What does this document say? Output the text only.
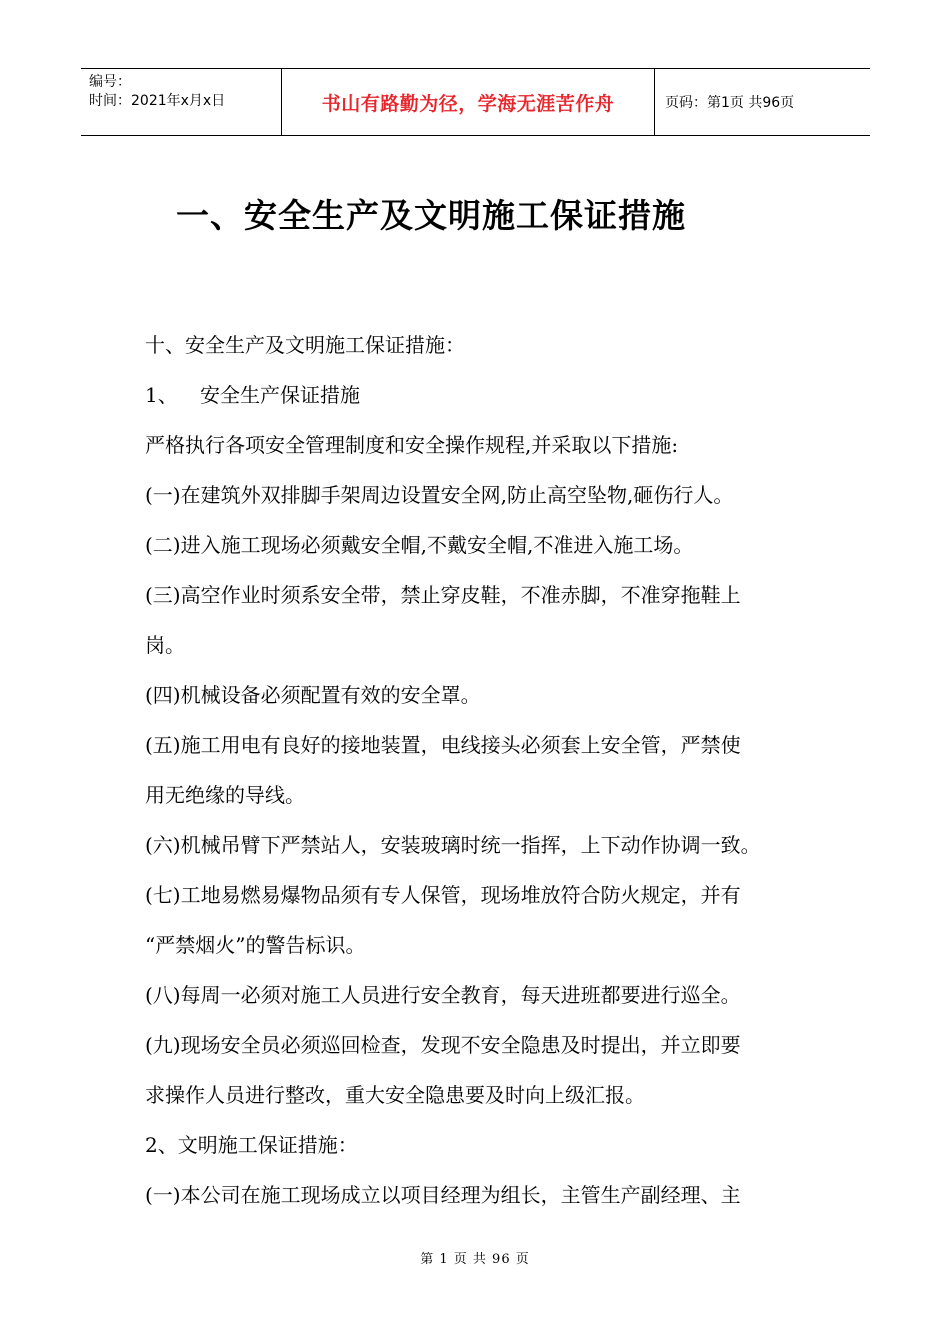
编号：
时间：2021年x月x日	书山有路勤为径，学海无涯苦作舟	页码：第1页 共96页
一、安全生产及文明施工保证措施

十、安全生产及文明施工保证措施：

1、 安全生产保证措施

严格执行各项安全管理制度和安全操作规程,并采取以下措施:

(一)在建筑外双排脚手架周边设置安全网,防止高空坠物,砸伤行人。

(二)进入施工现场必须戴安全帽,不戴安全帽,不准进入施工场。

(三)高空作业时须系安全带，禁止穿皮鞋，不准赤脚，不准穿拖鞋上

岗。

(四)机械设备必须配置有效的安全罩。

(五)施工用电有良好的接地装置，电线接头必须套上安全管，严禁使

用无绝缘的导线。

(六)机械吊臂下严禁站人，安装玻璃时统一指挥，上下动作协调一致。

(七)工地易燃易爆物品须有专人保管，现场堆放符合防火规定，并有

“严禁烟火”的警告标识。

(八)每周一必须对施工人员进行安全教育，每天进班都要进行巡全。

(九)现场安全员必须巡回检查，发现不安全隐患及时提出，并立即要

求操作人员进行整改，重大安全隐患要及时向上级汇报。

2、文明施工保证措施：

(一)本公司在施工现场成立以项目经理为组长，主管生产副经理、主

第 1 页 共 96 页
